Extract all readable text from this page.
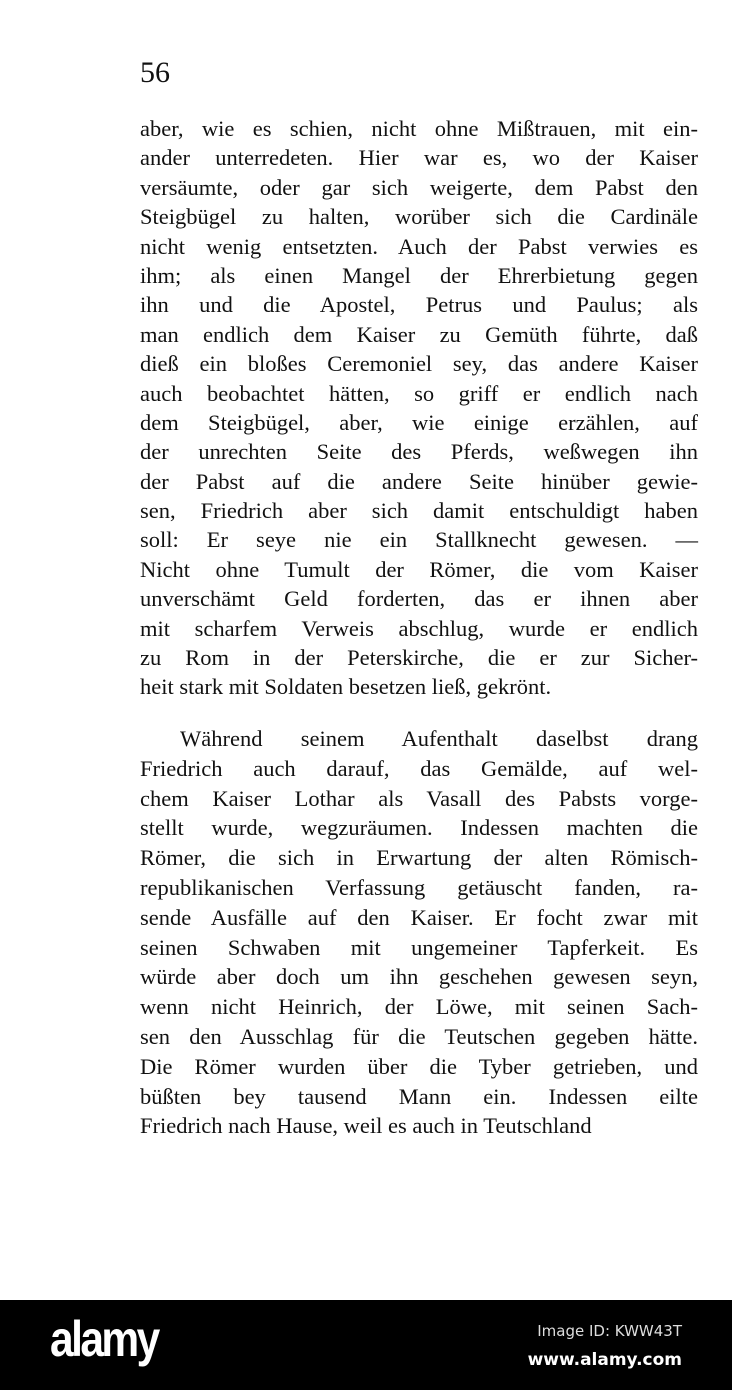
56
aber, wie es schien, nicht ohne Mißtrauen, mit ein-
ander unterredeten. Hier war es, wo der Kaiser
versäumte, oder gar sich weigerte, dem Pabst den
Steigbügel zu halten, worüber sich die Cardinäle
nicht wenig entsetzten. Auch der Pabst verwies es
ihm; als einen Mangel der Ehrerbietung gegen
ihn und die Apostel, Petrus und Paulus; als
man endlich dem Kaiser zu Gemüth führte, daß
dieß ein bloßes Ceremoniel sey, das andere Kaiser
auch beobachtet hätten, so griff er endlich nach
dem Steigbügel, aber, wie einige erzählen, auf
der unrechten Seite des Pferds, weßwegen ihn
der Pabst auf die andere Seite hinüber gewie-
sen, Friedrich aber sich damit entschuldigt haben
soll: Er seye nie ein Stallknecht gewesen. —
Nicht ohne Tumult der Römer, die vom Kaiser
unverschämt Geld forderten, das er ihnen aber
mit scharfem Verweis abschlug, wurde er endlich
zu Rom in der Peterskirche, die er zur Sicher-
heit stark mit Soldaten besetzen ließ, gekrönt.
Während seinem Aufenthalt daselbst drang
Friedrich auch darauf, das Gemälde, auf wel-
chem Kaiser Lothar als Vasall des Pabsts vorge-
stellt wurde, wegzuräumen. Indessen machten die
Römer, die sich in Erwartung der alten Römisch-
republikanischen Verfassung getäuscht fanden, ra-
sende Ausfälle auf den Kaiser. Er focht zwar mit
seinen Schwaben mit ungemeiner Tapferkeit. Es
würde aber doch um ihn geschehen gewesen seyn,
wenn nicht Heinrich, der Löwe, mit seinen Sach-
sen den Ausschlag für die Teutschen gegeben hätte.
Die Römer wurden über die Tyber getrieben, und
büßten bey tausend Mann ein. Indessen eilte
Friedrich nach Hause, weil es auch in Teutschland
alamy	Image ID: KWW43T
www.alamy.com
